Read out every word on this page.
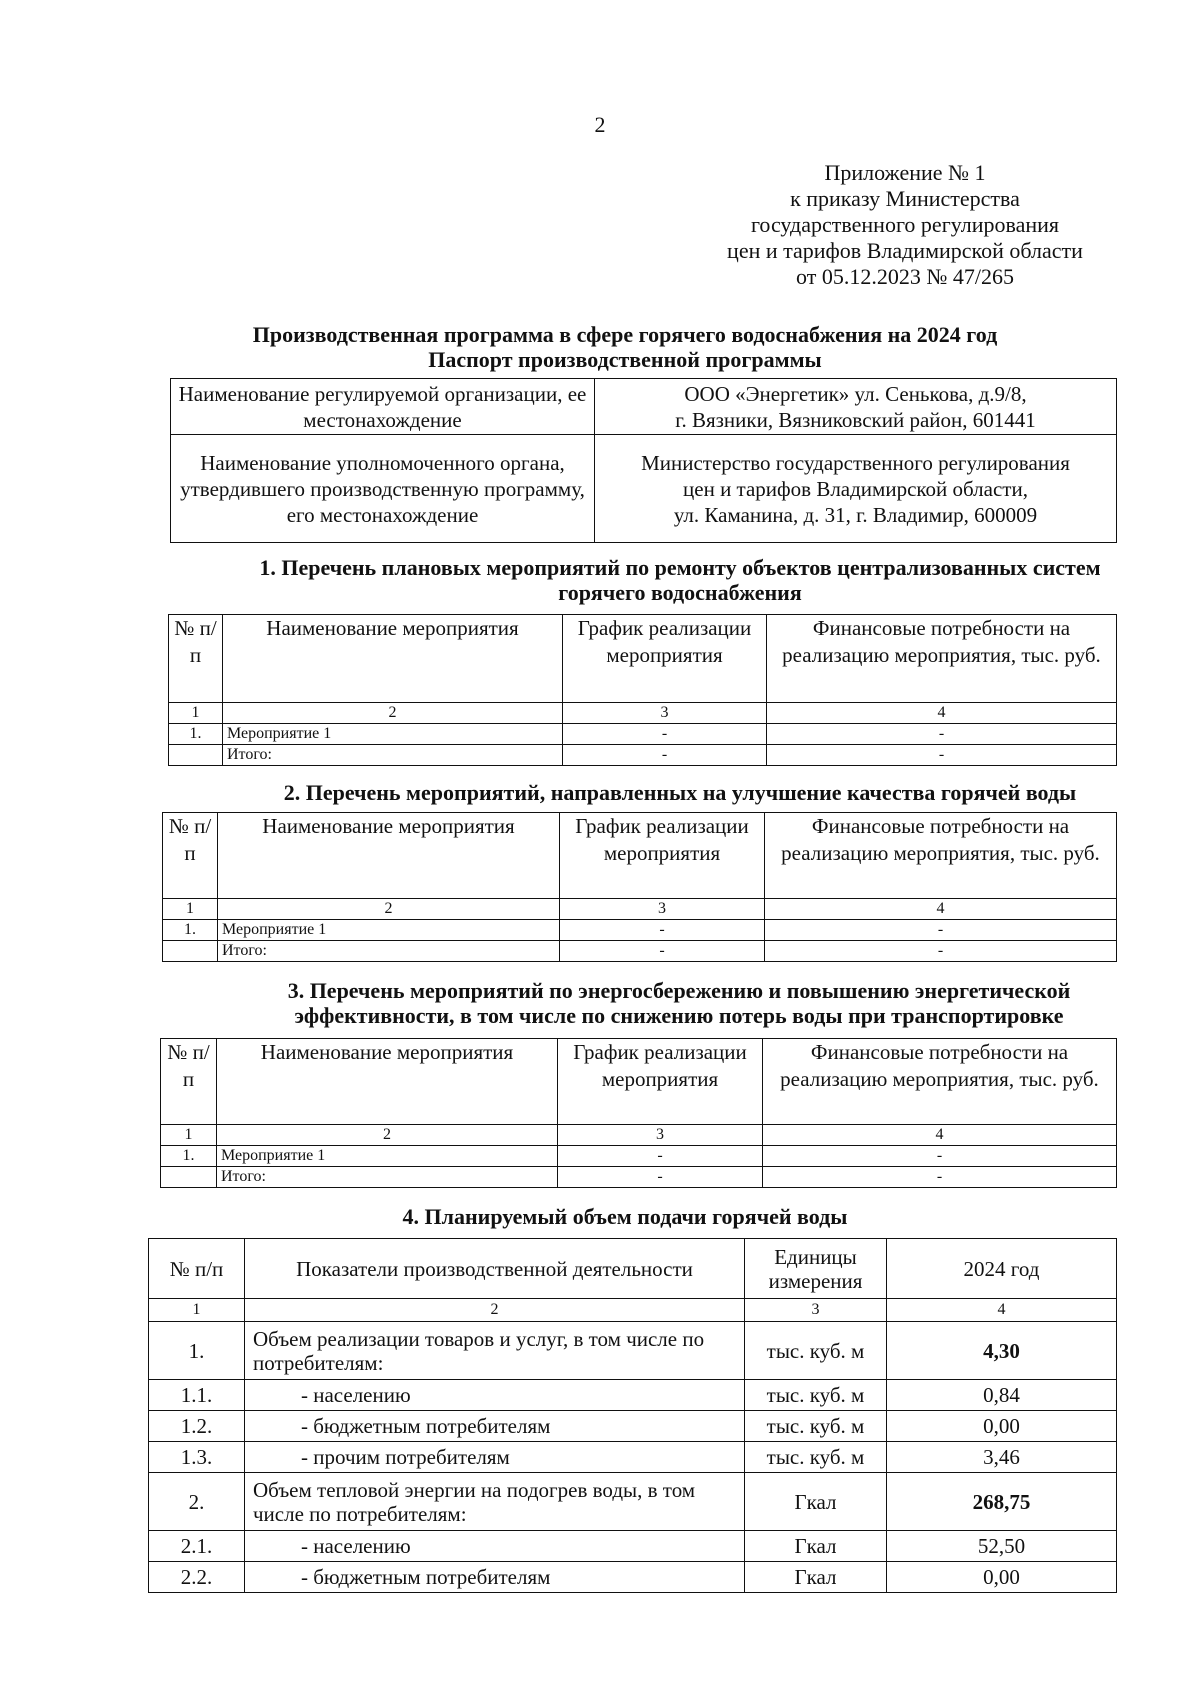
2
Приложение № 1
к приказу Министерства
государственного регулирования
цен и тарифов Владимирской области
от 05.12.2023 № 47/265
Производственная программа в сфере горячего водоснабжения на 2024 год
Паспорт производственной программы
Наименование регулируемой организации, ее местонахождение	ООО «Энергетик» ул. Сенькова, д.9/8,
г. Вязники, Вязниковский район, 601441

Наименование уполномоченного органа, утвердившего производственную программу, его местонахождение	Министерство государственного регулирования
цен и тарифов Владимирской области,
ул. Каманина, д. 31, г. Владимир, 600009
1. Перечень плановых мероприятий по ремонту объектов централизованных систем горячего водоснабжения
№ п/п	Наименование мероприятия	График реализации мероприятия	Финансовые потребности на реализацию мероприятия, тыс. руб.
1	2	3	4
1.	Мероприятие 1	-	-
	Итого:	-	-
2. Перечень мероприятий, направленных на улучшение качества горячей воды
№ п/п	Наименование мероприятия	График реализации мероприятия	Финансовые потребности на реализацию мероприятия, тыс. руб.
1	2	3	4
1.	Мероприятие 1	-	-
	Итого:	-	-
3. Перечень мероприятий по энергосбережению и повышению энергетической эффективности, в том числе по снижению потерь воды при транспортировке
№ п/п	Наименование мероприятия	График реализации мероприятия	Финансовые потребности на реализацию мероприятия, тыс. руб.
1	2	3	4
1.	Мероприятие 1	-	-
	Итого:	-	-
4. Планируемый объем подачи горячей воды
№ п/п	Показатели производственной деятельности	Единицы измерения	2024 год
1	2	3	4
1.	Объем реализации товаров и услуг, в том числе по потребителям:	тыс. куб. м	4,30
1.1.	- населению	тыс. куб. м	0,84
1.2.	- бюджетным потребителям	тыс. куб. м	0,00
1.3.	- прочим потребителям	тыс. куб. м	3,46
2.	Объем тепловой энергии на подогрев воды, в том числе по потребителям:	Гкал	268,75
2.1.	- населению	Гкал	52,50
2.2.	- бюджетным потребителям	Гкал	0,00
